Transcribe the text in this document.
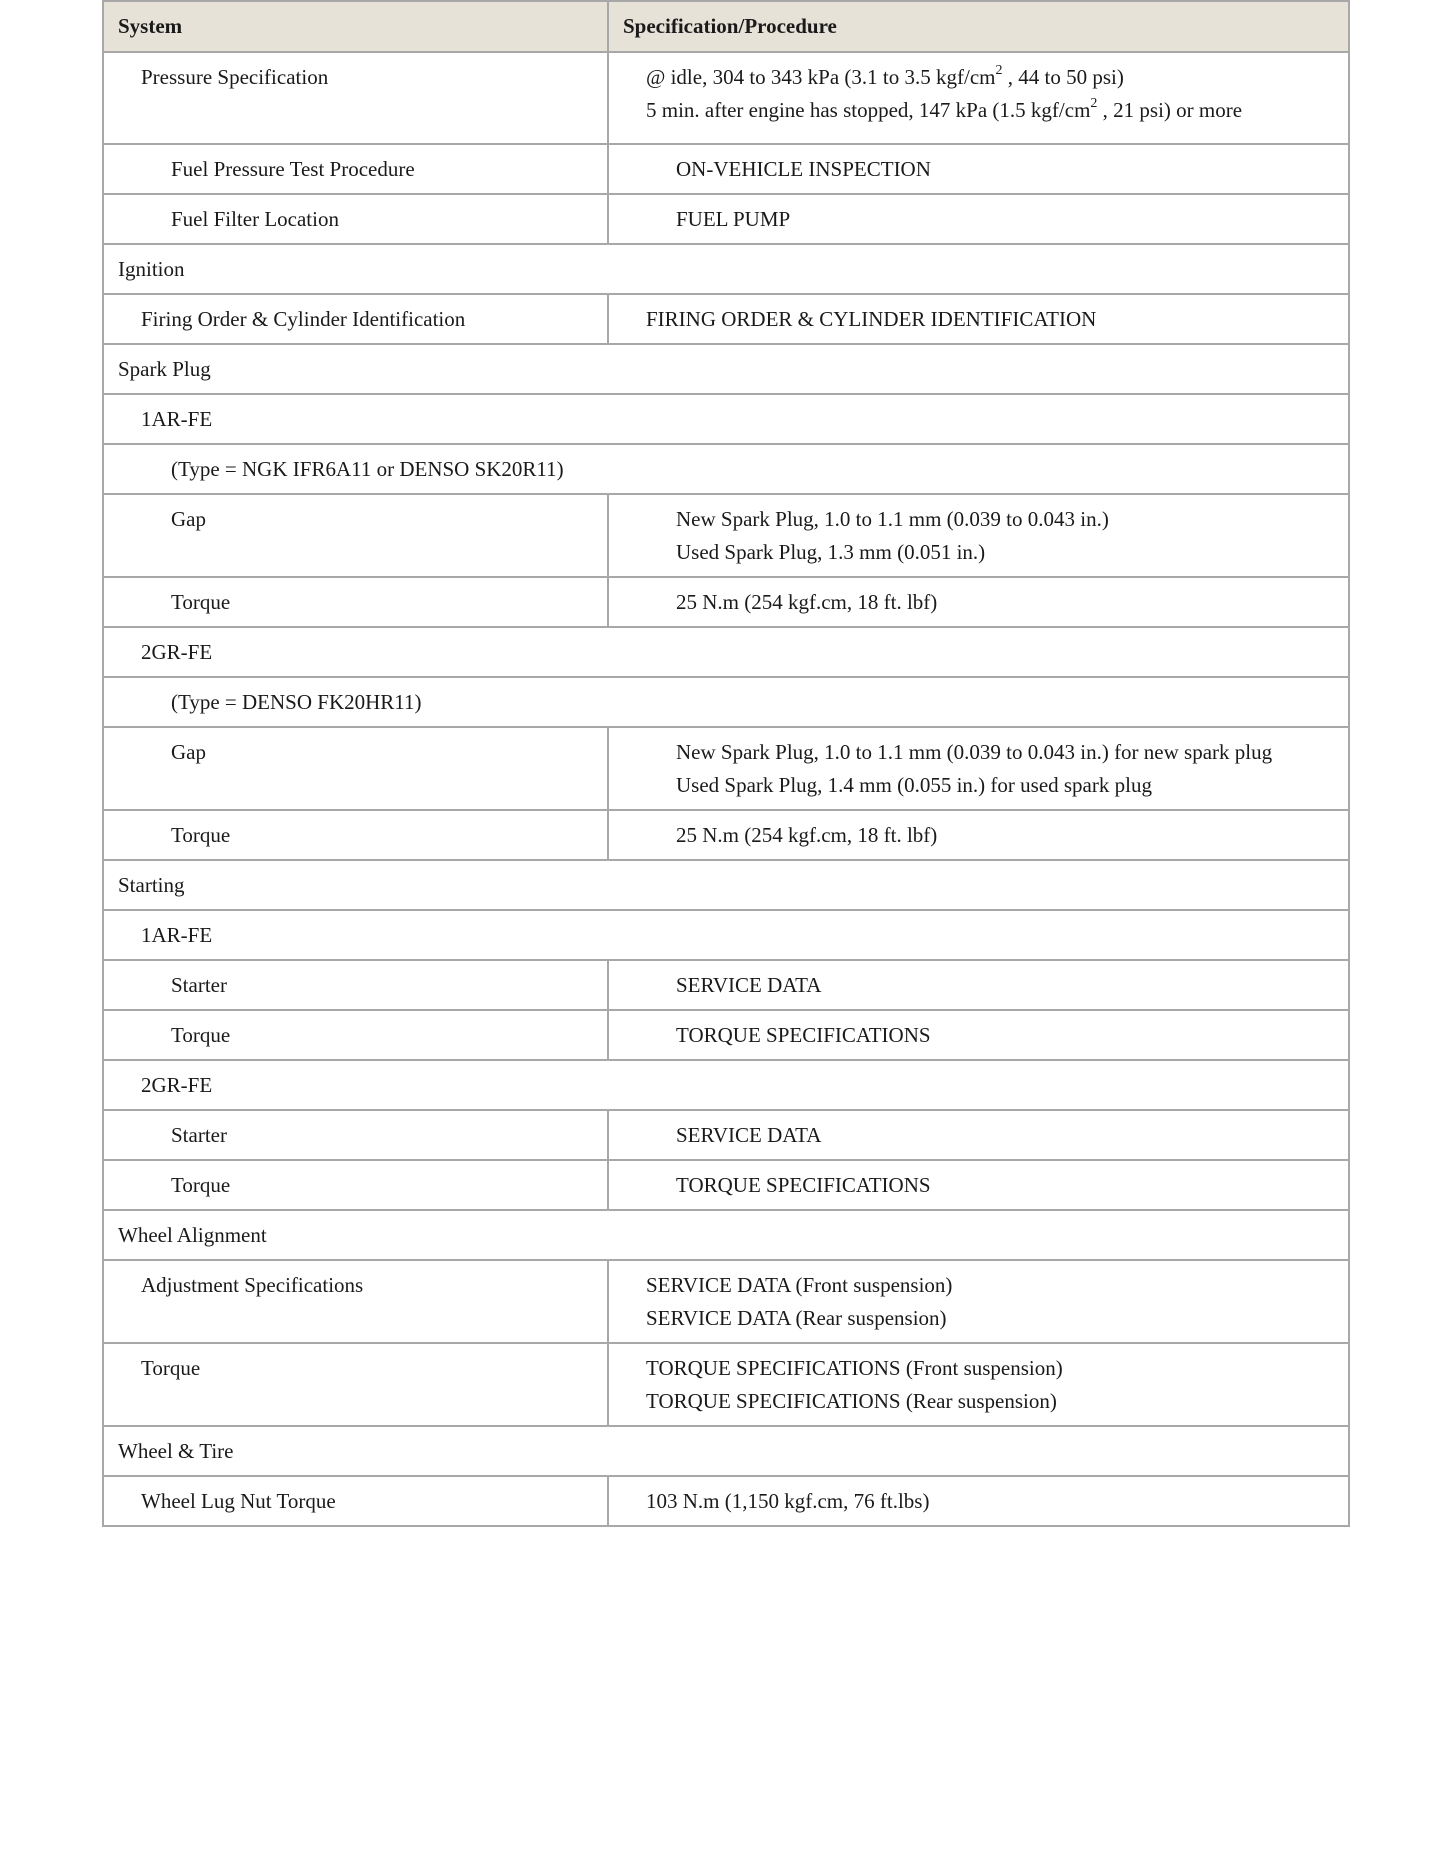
System	Specification/Procedure
Pressure Specification	@ idle, 304 to 343 kPa (3.1 to 3.5 kgf/$cm^2$ , 44 to 50 psi)
5 min. after engine has stopped, 147 kPa (1.5 kgf/$cm^2$ , 21 psi) or more

Fuel Pressure Test Procedure	ON-VEHICLE INSPECTION
Fuel Filter Location	FUEL PUMP
Ignition	
Firing Order & Cylinder Identification	FIRING ORDER & CYLINDER IDENTIFICATION
Spark Plug	
1AR-FE	
(Type = NGK IFR6A11 or DENSO SK20R11)	
Gap	New Spark Plug, 1.0 to 1.1 mm (0.039 to 0.043 in.)
Used Spark Plug, 1.3 mm (0.051 in.)

Torque	25 N.m (254 kgf.cm, 18 ft. lbf)
2GR-FE	
(Type = DENSO FK20HR11)	
Gap	New Spark Plug, 1.0 to 1.1 mm (0.039 to 0.043 in.) for new spark plug
Used Spark Plug, 1.4 mm (0.055 in.) for used spark plug

Torque	25 N.m (254 kgf.cm, 18 ft. lbf)
Starting	
1AR-FE	
Starter	SERVICE DATA
Torque	TORQUE SPECIFICATIONS
2GR-FE	
Starter	SERVICE DATA
Torque	TORQUE SPECIFICATIONS
Wheel Alignment	
Adjustment Specifications	SERVICE DATA (Front suspension)
SERVICE DATA (Rear suspension)

Torque	TORQUE SPECIFICATIONS (Front suspension)
TORQUE SPECIFICATIONS (Rear suspension)

Wheel & Tire	
Wheel Lug Nut Torque	103 N.m (1,150 kgf.cm, 76 ft.lbs)
